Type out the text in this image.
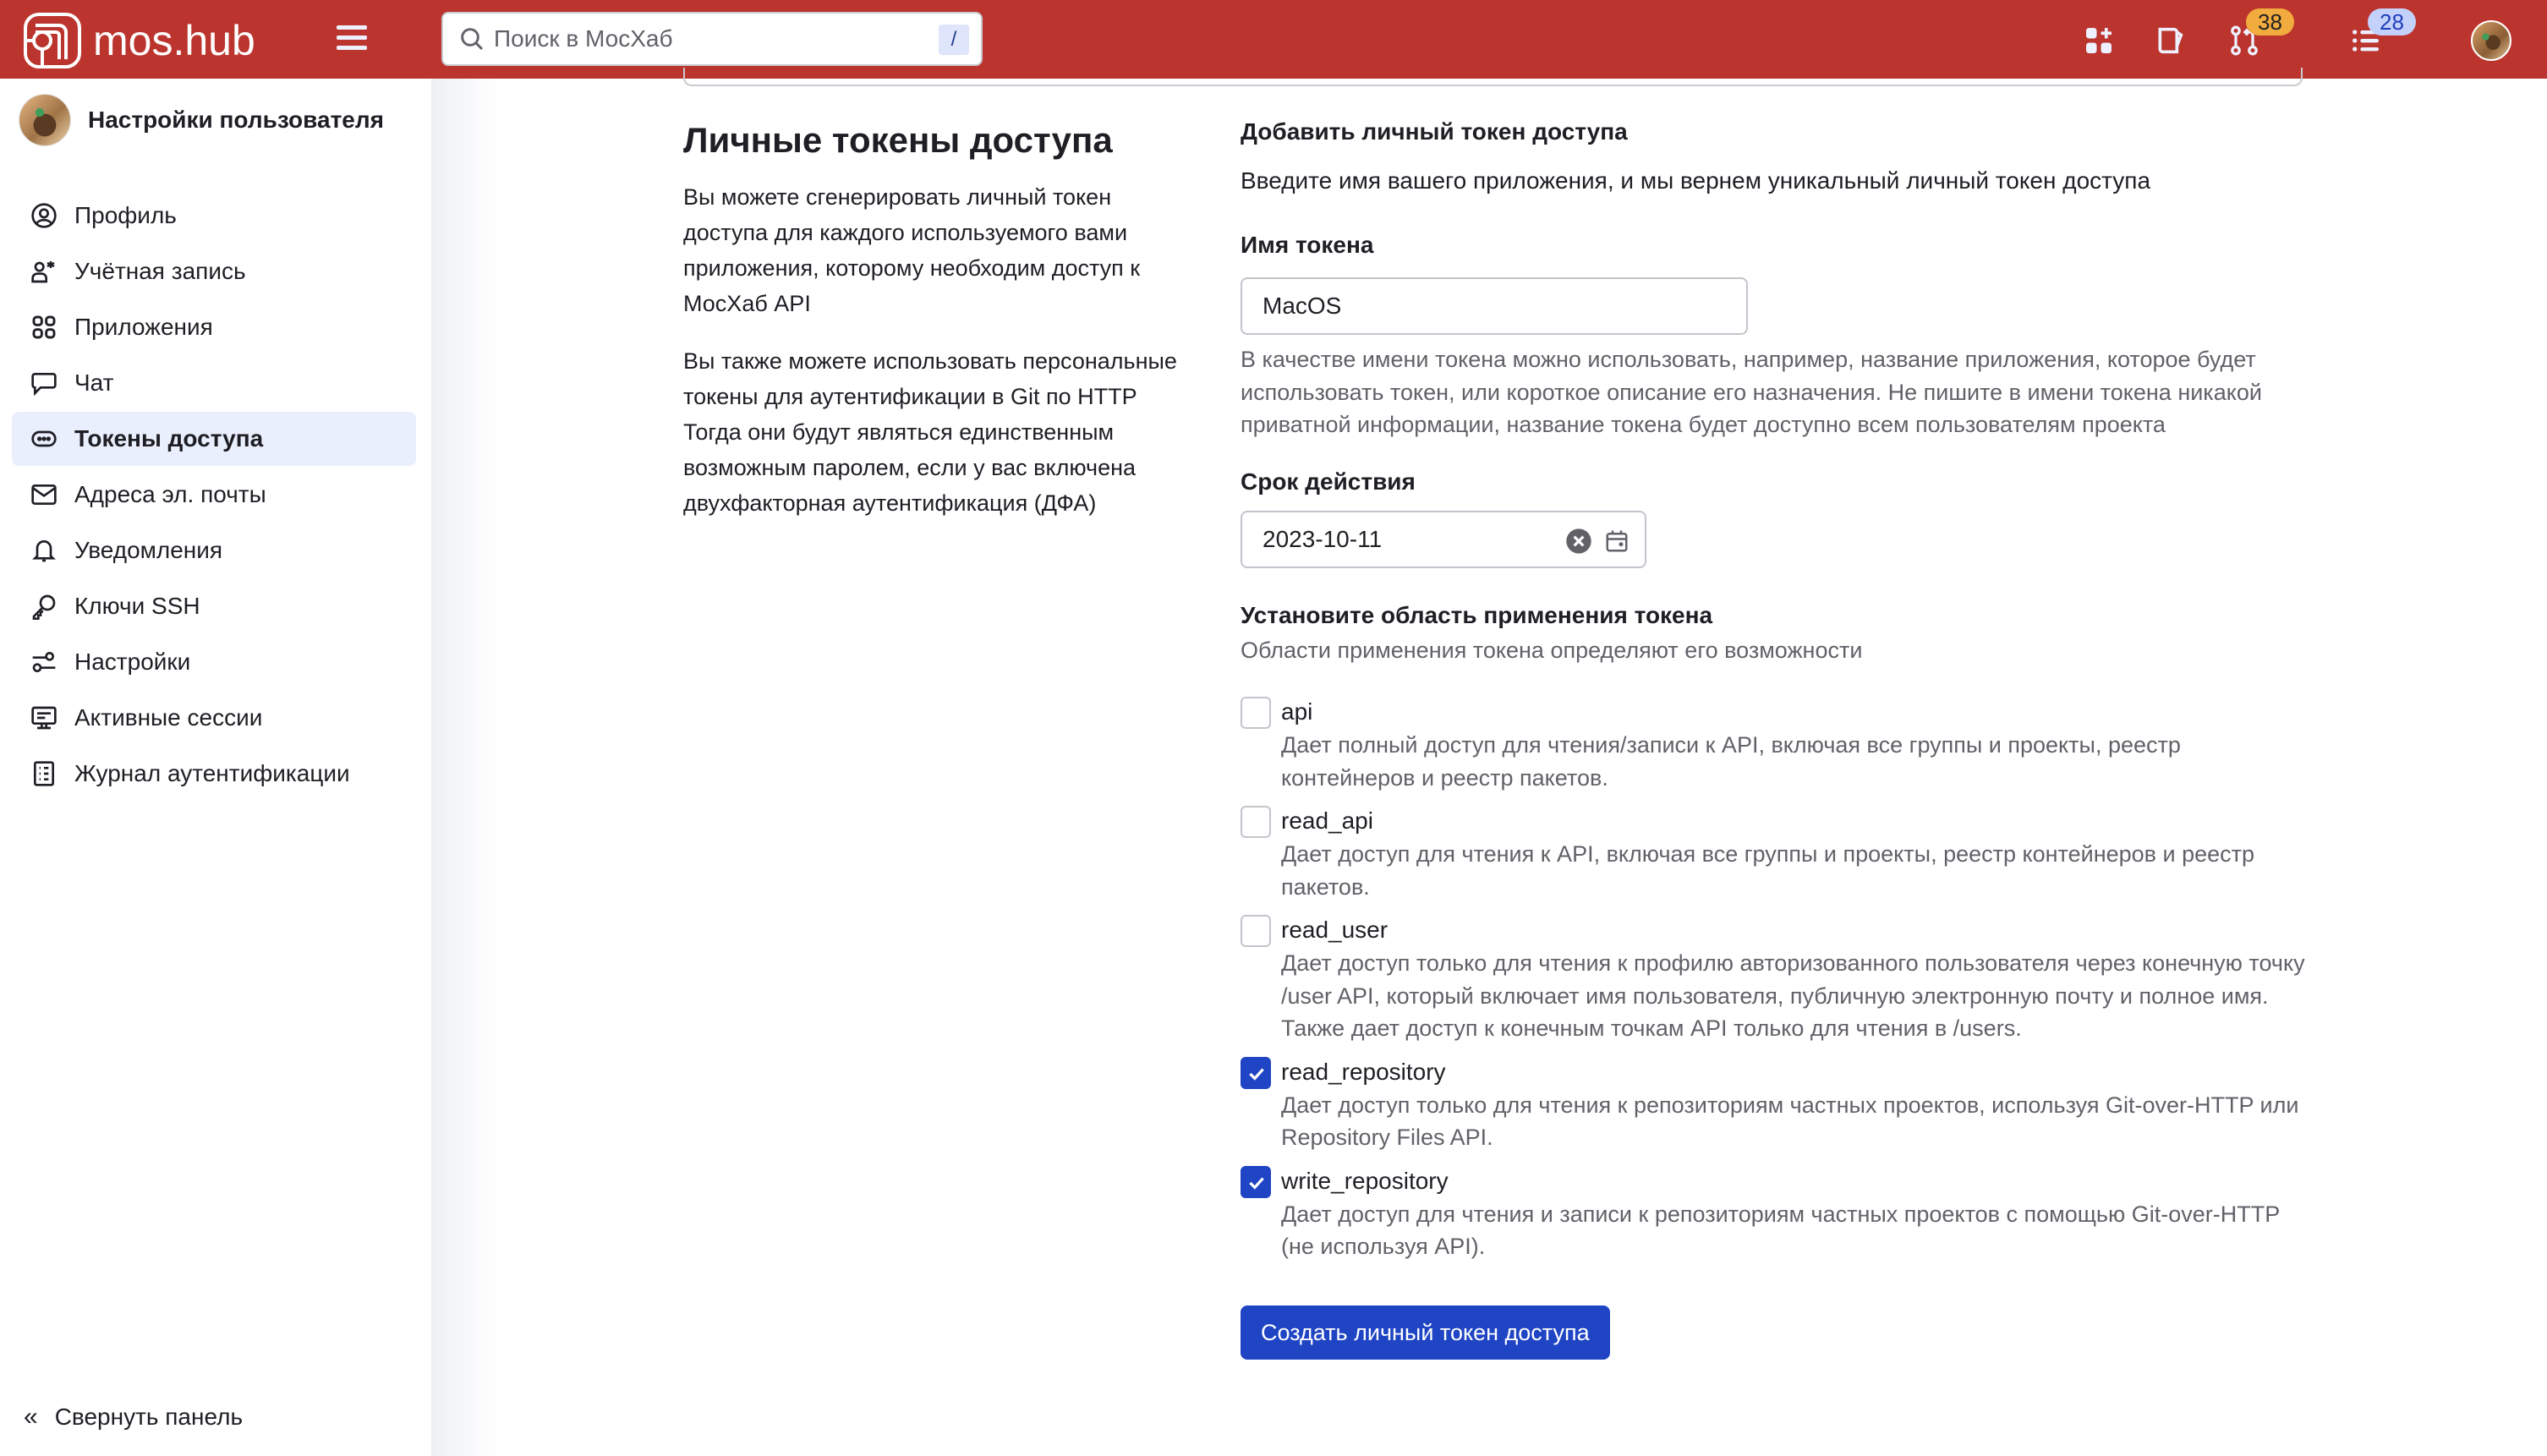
mos.hub	Поиск в МосХаб	/
38	28
Настройки пользователя
Профиль
Учётная запись
Приложения
Чат
Токены доступа
Адреса эл. почты
Уведомления
Ключи SSH
Настройки
Активные сессии
Журнал аутентификации
« Свернуть панель
Личные токены доступа

Вы можете сгенерировать личный токен доступа для каждого используемого вами приложения, которому необходим доступ к МосХаб API

Вы также можете использовать персональные токены для аутентификации в Git по HTTP Тогда они будут являться единственным возможным паролем, если у вас включена двухфакторная аутентификация (ДФА)

Добавить личный токен доступа
Введите имя вашего приложения, и мы вернем уникальный личный токен доступа
Имя токена
MacOS
В качестве имени токена можно использовать, например, название приложения, которое будет использовать токен, или короткое описание его назначения. Не пишите в имени токена никакой приватной информации, название токена будет доступно всем пользователям проекта
Срок действия
2023-10-11
Установите область применения токена
Области применения токена определяют его возможности
api
Дает полный доступ для чтения/записи к API, включая все группы и проекты, реестр контейнеров и реестр пакетов.
read_api
Дает доступ для чтения к API, включая все группы и проекты, реестр контейнеров и реестр пакетов.
read_user
Дает доступ только для чтения к профилю авторизованного пользователя через конечную точку /user API, который включает имя пользователя, публичную электронную почту и полное имя. Также дает доступ к конечным точкам API только для чтения в /users.
read_repository
Дает доступ только для чтения к репозиториям частных проектов, используя Git-over-HTTP или Repository Files API.
write_repository
Дает доступ для чтения и записи к репозиториям частных проектов с помощью Git-over-HTTP (не используя API).
Создать личный токен доступа
